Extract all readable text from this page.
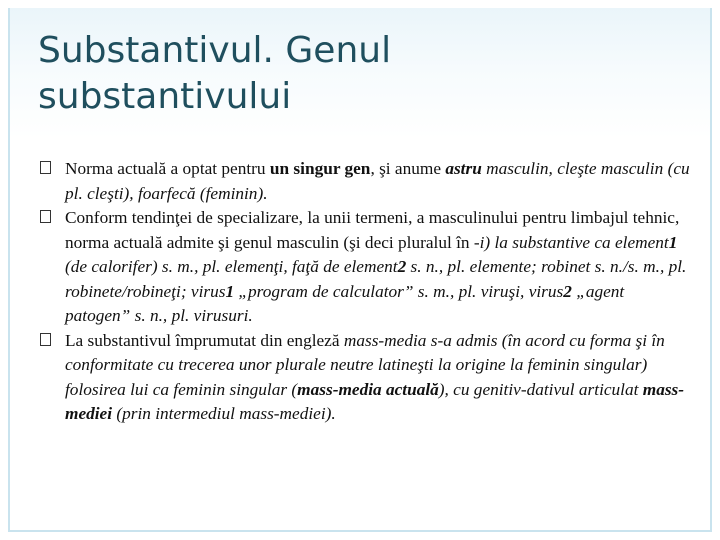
Substantivul. Genul
substantivului

Norma actuală a optat pentru un singur gen, şi anume astru masculin, cleşte masculin (cu pl. cleşti), foarfecă (feminin).

Conform tendinţei de specializare, la unii termeni, a masculinului pentru limbajul tehnic, norma actuală admite şi genul masculin (şi deci pluralul în -i) la substantive ca element1 (de calorifer) s. m., pl. elemenţi, faţă de element2 s. n., pl. elemente; robinet s. n./s. m., pl. robinete/robineţi; virus1 „program de calculator” s. m., pl. viruşi, virus2 „agent patogen” s. n., pl. virusuri.

La substantivul împrumutat din engleză mass-media s-a admis (în acord cu forma şi în conformitate cu trecerea unor plurale neutre latineşti la origine la feminin singular) folosirea lui ca feminin singular (mass-media actuală), cu genitiv-dativul articulat mass-mediei (prin intermediul mass-mediei).
